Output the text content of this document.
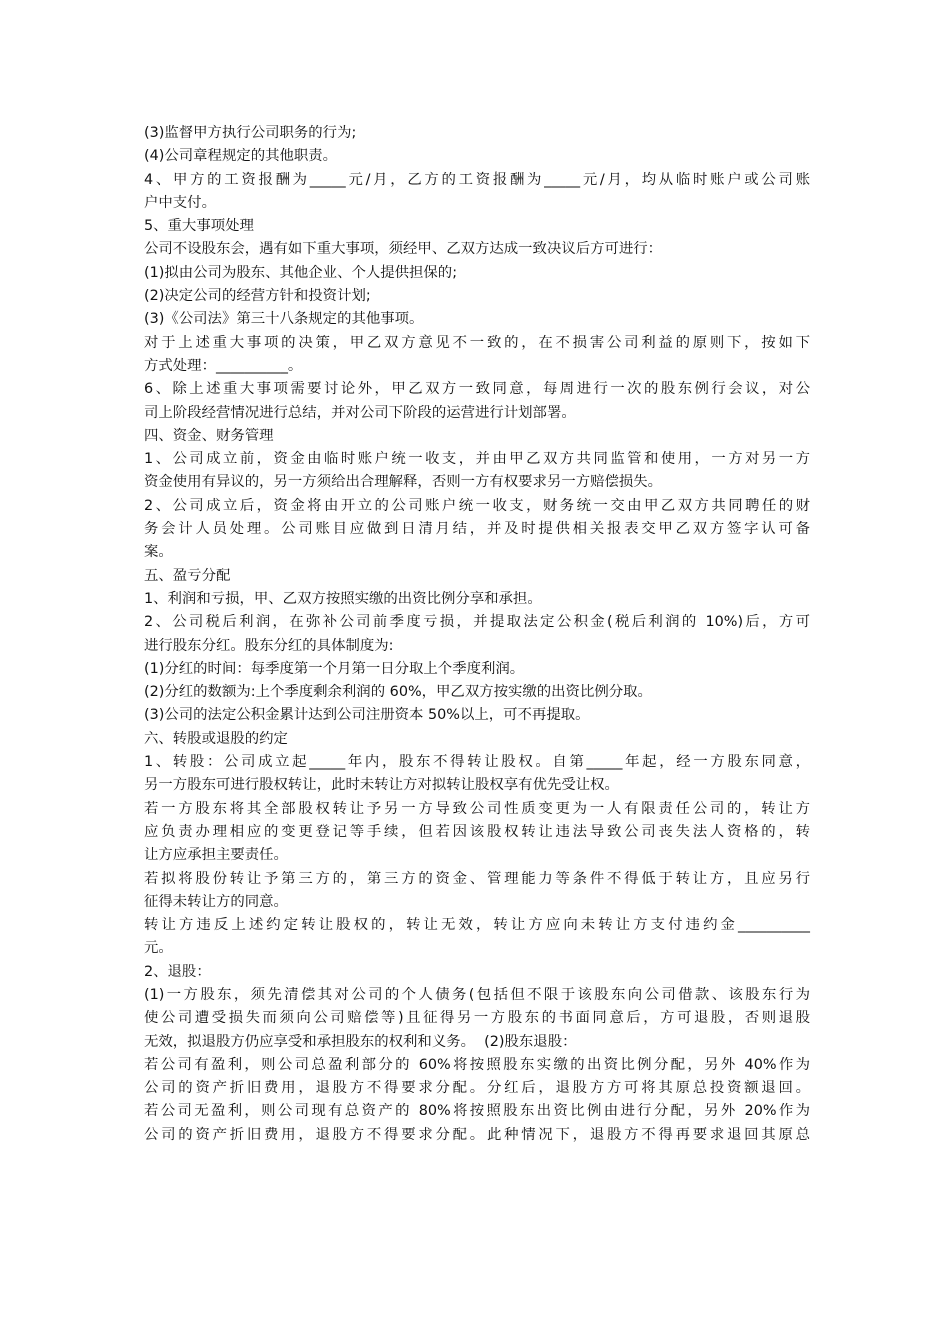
(3)监督甲方执行公司职务的行为;
(4)公司章程规定的其他职责。
4、甲方的工资报酬为_____元/月，乙方的工资报酬为_____元/月，均从临时账户或公司账
户中支付。
5、重大事项处理
公司不设股东会，遇有如下重大事项，须经甲、乙双方达成一致决议后方可进行：
(1)拟由公司为股东、其他企业、个人提供担保的;
(2)决定公司的经营方针和投资计划;
(3)《公司法》第三十八条规定的其他事项。
对于上述重大事项的决策，甲乙双方意见不一致的，在不损害公司利益的原则下，按如下
方式处理：__________。
6、除上述重大事项需要讨论外，甲乙双方一致同意，每周进行一次的股东例行会议，对公
司上阶段经营情况进行总结，并对公司下阶段的运营进行计划部署。
四、资金、财务管理
1、公司成立前，资金由临时账户统一收支，并由甲乙双方共同监管和使用，一方对另一方
资金使用有异议的，另一方须给出合理解释，否则一方有权要求另一方赔偿损失。
2、公司成立后，资金将由开立的公司账户统一收支，财务统一交由甲乙双方共同聘任的财
务会计人员处理。公司账目应做到日清月结，并及时提供相关报表交甲乙双方签字认可备
案。
五、盈亏分配
1、利润和亏损，甲、乙双方按照实缴的出资比例分享和承担。
2、公司税后利润，在弥补公司前季度亏损，并提取法定公积金(税后利润的 10%)后，方可
进行股东分红。股东分红的具体制度为:
(1)分红的时间：每季度第一个月第一日分取上个季度利润。
(2)分红的数额为:上个季度剩余利润的 60%，甲乙双方按实缴的出资比例分取。
(3)公司的法定公积金累计达到公司注册资本 50%以上，可不再提取。
六、转股或退股的约定
1、转股：公司成立起_____年内，股东不得转让股权。自第_____年起，经一方股东同意，
另一方股东可进行股权转让，此时未转让方对拟转让股权享有优先受让权。
若一方股东将其全部股权转让予另一方导致公司性质变更为一人有限责任公司的，转让方
应负责办理相应的变更登记等手续，但若因该股权转让违法导致公司丧失法人资格的，转
让方应承担主要责任。
若拟将股份转让予第三方的，第三方的资金、管理能力等条件不得低于转让方，且应另行
征得未转让方的同意。
转让方违反上述约定转让股权的，转让无效，转让方应向未转让方支付违约金__________
元。
2、退股：
(1)一方股东，须先清偿其对公司的个人债务(包括但不限于该股东向公司借款、该股东行为
使公司遭受损失而须向公司赔偿等)且征得另一方股东的书面同意后，方可退股，否则退股
无效，拟退股方仍应享受和承担股东的权利和义务。  (2)股东退股：
若公司有盈利，则公司总盈利部分的 60%将按照股东实缴的出资比例分配，另外 40%作为
公司的资产折旧费用，退股方不得要求分配。分红后，退股方方可将其原总投资额退回。
若公司无盈利，则公司现有总资产的 80%将按照股东出资比例由进行分配，另外 20%作为
公司的资产折旧费用，退股方不得要求分配。此种情况下，退股方不得再要求退回其原总
